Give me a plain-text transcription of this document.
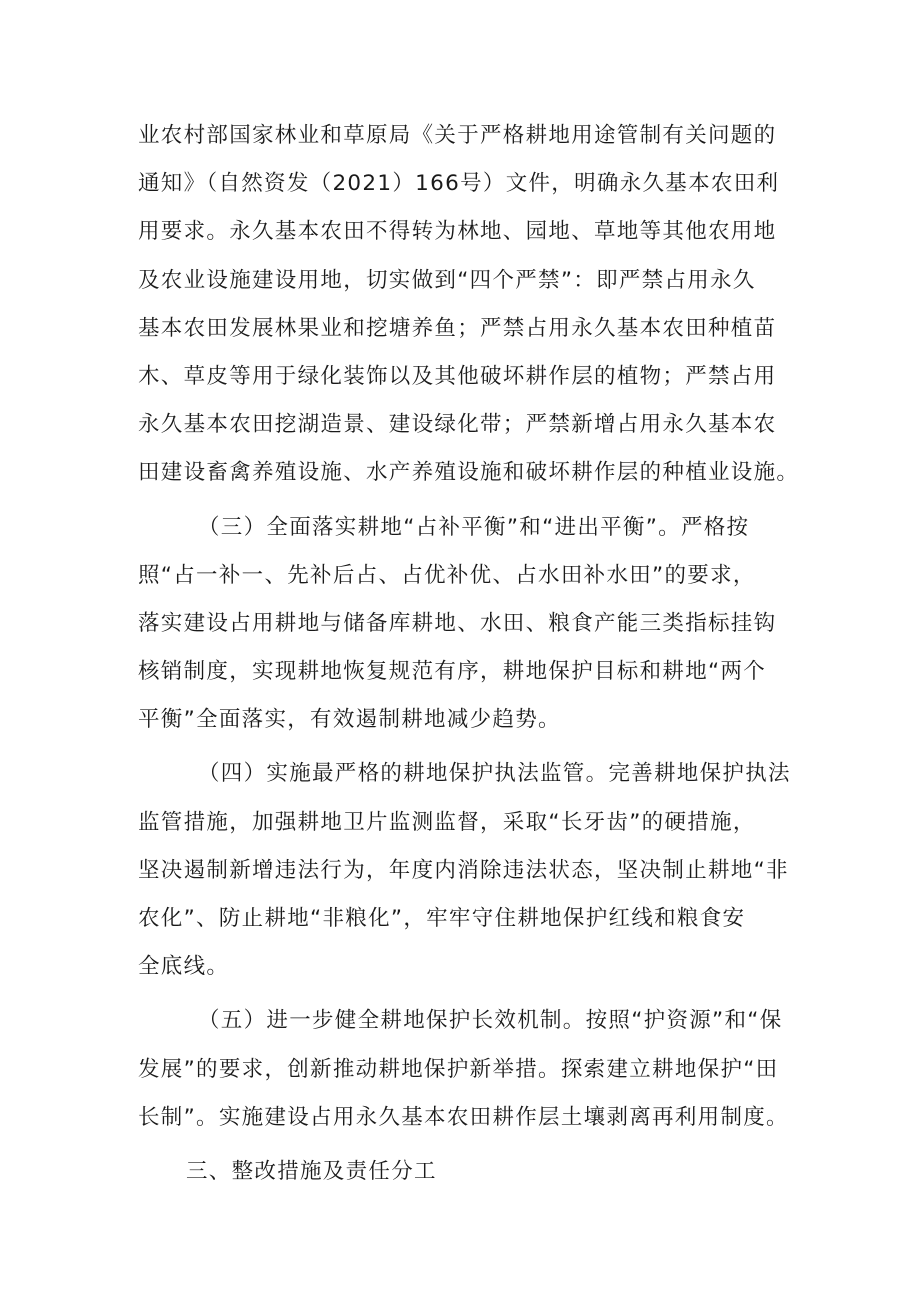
业农村部国家林业和草原局《关于严格耕地用途管制有关问题的
通知》（自然资发（2021）166号）文件，明确永久基本农田利
用要求。永久基本农田不得转为林地、园地、草地等其他农用地
及农业设施建设用地，切实做到“四个严禁”：即严禁占用永久
基本农田发展林果业和挖塘养鱼；严禁占用永久基本农田种植苗
木、草皮等用于绿化装饰以及其他破坏耕作层的植物；严禁占用
永久基本农田挖湖造景、建设绿化带；严禁新增占用永久基本农
田建设畜禽养殖设施、水产养殖设施和破坏耕作层的种植业设施。
（三）全面落实耕地“占补平衡”和“进出平衡”。严格按
照“占一补一、先补后占、占优补优、占水田补水田”的要求，
落实建设占用耕地与储备库耕地、水田、粮食产能三类指标挂钩
核销制度，实现耕地恢复规范有序，耕地保护目标和耕地“两个
平衡”全面落实，有效遏制耕地减少趋势。
（四）实施最严格的耕地保护执法监管。完善耕地保护执法
监管措施，加强耕地卫片监测监督，采取“长牙齿”的硬措施，
坚决遏制新增违法行为，年度内消除违法状态，坚决制止耕地“非
农化”、防止耕地“非粮化”，牢牢守住耕地保护红线和粮食安
全底线。
（五）进一步健全耕地保护长效机制。按照“护资源”和“保
发展”的要求，创新推动耕地保护新举措。探索建立耕地保护“田
长制”。实施建设占用永久基本农田耕作层土壤剥离再利用制度。
三、整改措施及责任分工
